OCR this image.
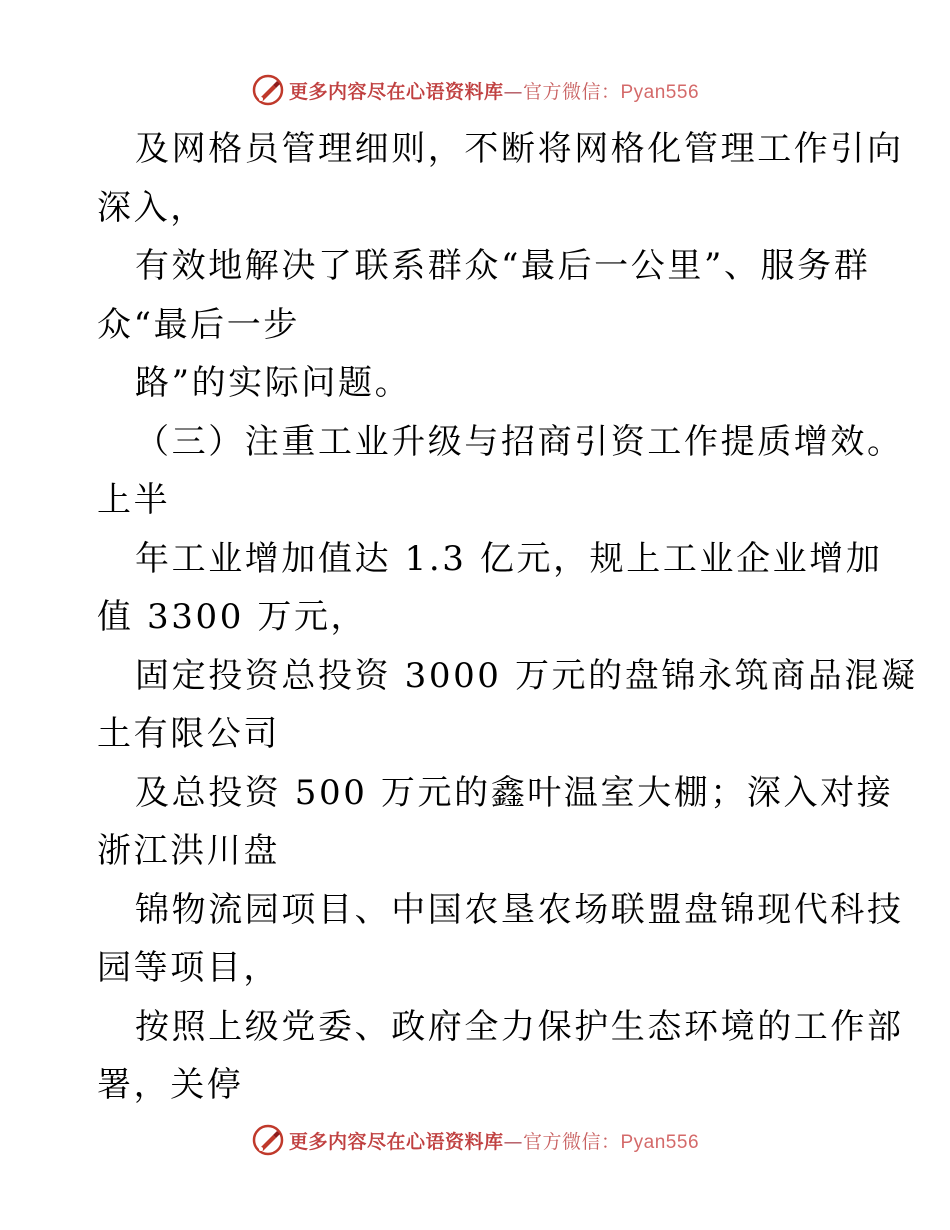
更多内容尽在心语资料库—官方微信：Pyan556
及网格员管理细则，不断将网格化管理工作引向
深入，
有效地解决了联系群众“最后一公里”、服务群
众“最后一步
路”的实际问题。
（三）注重工业升级与招商引资工作提质增效。
上半
年工业增加值达 1.3 亿元，规上工业企业增加
值 3300 万元，
固定投资总投资 3000 万元的盘锦永筑商品混凝
土有限公司
及总投资 500 万元的鑫叶温室大棚；深入对接
浙江洪川盘
锦物流园项目、中国农垦农场联盟盘锦现代科技
园等项目，
按照上级党委、政府全力保护生态环境的工作部
署，关停
更多内容尽在心语资料库—官方微信：Pyan556
